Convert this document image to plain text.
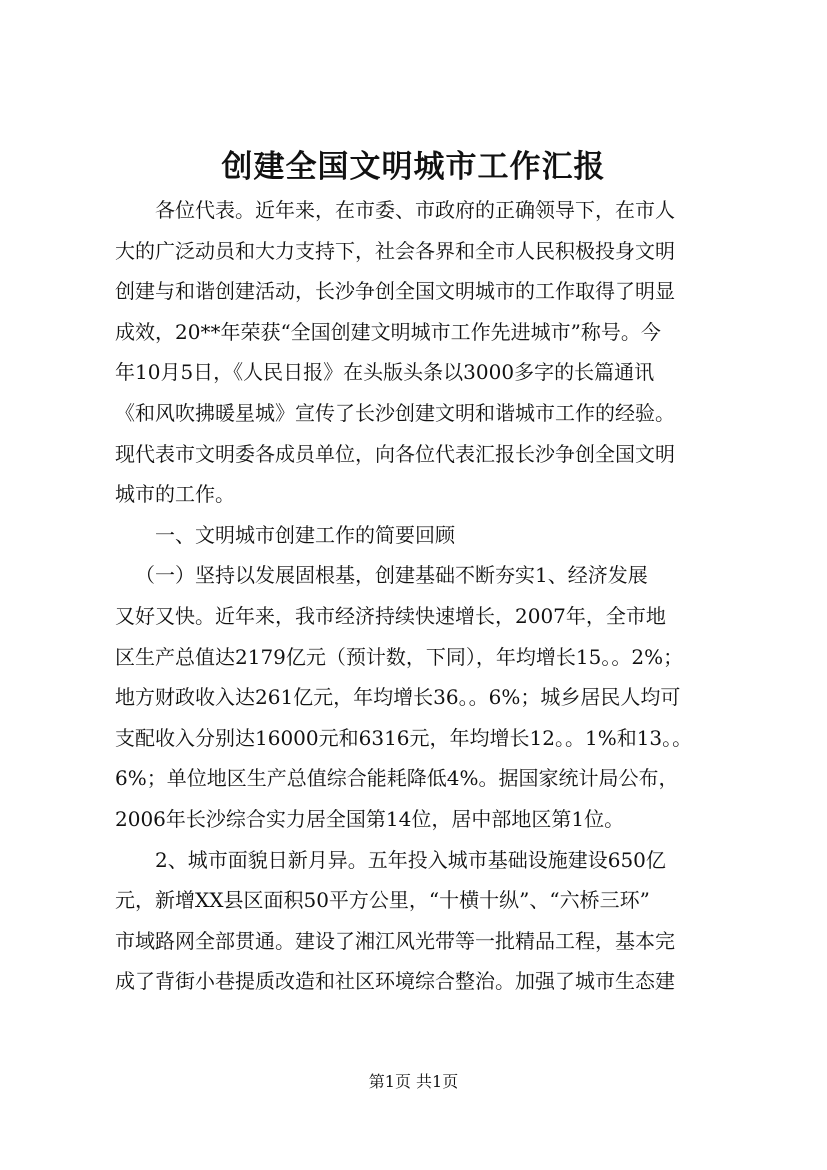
创建全国文明城市工作汇报
各位代表。近年来，在市委、市政府的正确领导下，在市人
大的广泛动员和大力支持下，社会各界和全市人民积极投身文明
创建与和谐创建活动，长沙争创全国文明城市的工作取得了明显
成效，20**年荣获“全国创建文明城市工作先进城市”称号。今
年10月5日，《人民日报》在头版头条以3000多字的长篇通讯
《和风吹拂暖星城》宣传了长沙创建文明和谐城市工作的经验。
现代表市文明委各成员单位，向各位代表汇报长沙争创全国文明
城市的工作。
一、文明城市创建工作的简要回顾
（一）坚持以发展固根基，创建基础不断夯实1、经济发展
又好又快。近年来，我市经济持续快速增长，2007年，全市地
区生产总值达2179亿元（预计数，下同），年均增长15。。2%；
地方财政收入达261亿元，年均增长36。。6%；城乡居民人均可
支配收入分别达16000元和6316元，年均增长12。。1%和13。。
6%；单位地区生产总值综合能耗降低4%。据国家统计局公布，
2006年长沙综合实力居全国第14位，居中部地区第1位。
2、城市面貌日新月异。五年投入城市基础设施建设650亿
元，新增XX县区面积50平方公里，“十横十纵”、“六桥三环”
市域路网全部贯通。建设了湘江风光带等一批精品工程，基本完
成了背街小巷提质改造和社区环境综合整治。加强了城市生态建
第1页 共1页
